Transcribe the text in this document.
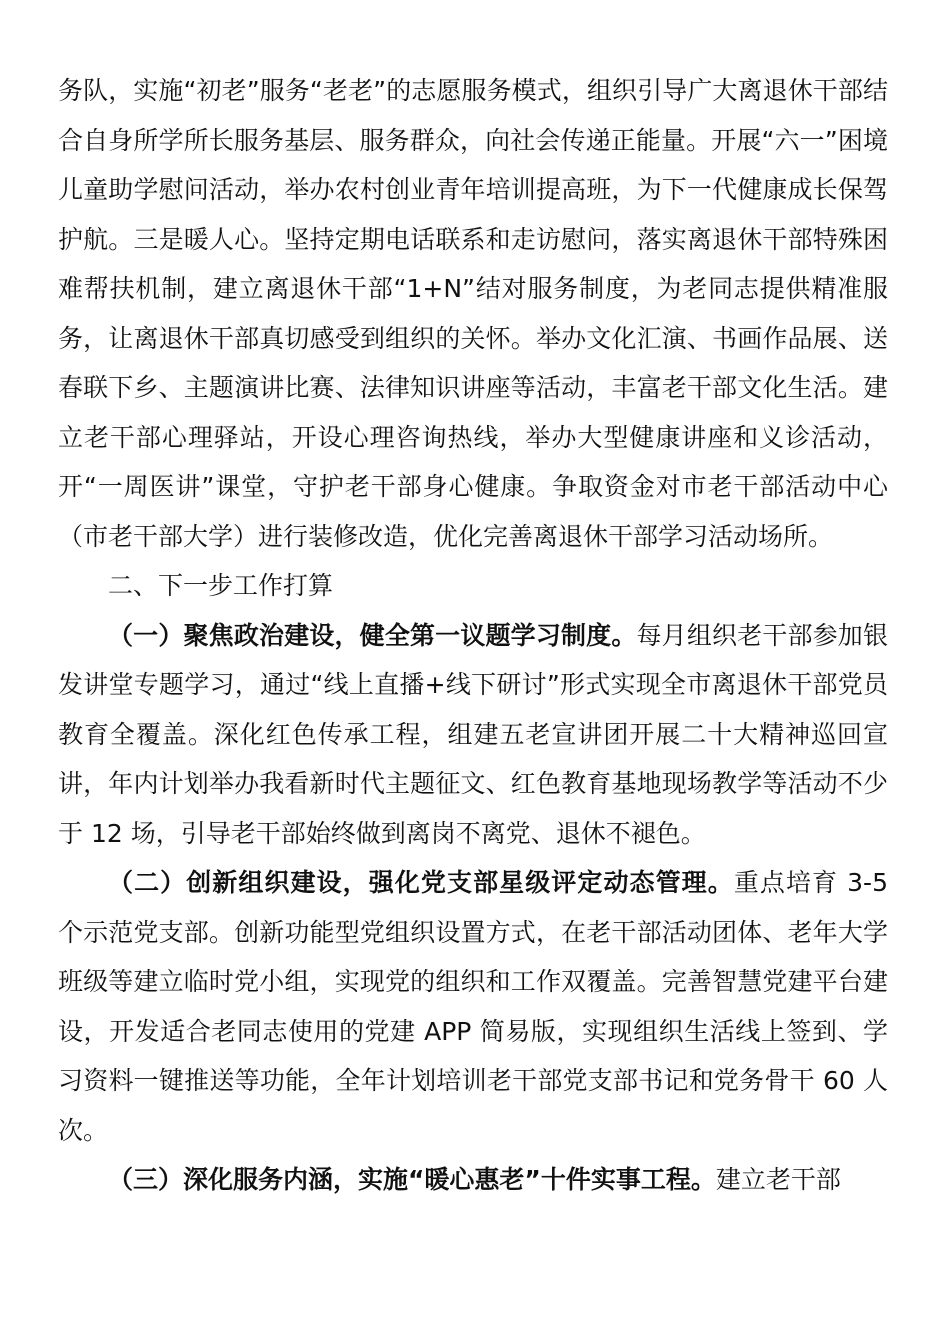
务队，实施“初老”服务“老老”的志愿服务模式，组织引导广大离退休干部结合自身所学所长服务基层、服务群众，向社会传递正能量。开展“六一”困境儿童助学慰问活动，举办农村创业青年培训提高班，为下一代健康成长保驾护航。三是暖人心。坚持定期电话联系和走访慰问，落实离退休干部特殊困难帮扶机制，建立离退休干部“1+N”结对服务制度，为老同志提供精准服务，让离退休干部真切感受到组织的关怀。举办文化汇演、书画作品展、送春联下乡、主题演讲比赛、法律知识讲座等活动，丰富老干部文化生活。建立老干部心理驿站，开设心理咨询热线，举办大型健康讲座和义诊活动，开“一周医讲”课堂，守护老干部身心健康。争取资金对市老干部活动中心（市老干部大学）进行装修改造，优化完善离退休干部学习活动场所。

二、下一步工作打算

（一）聚焦政治建设，健全第一议题学习制度。每月组织老干部参加银发讲堂专题学习，通过“线上直播+线下研讨”形式实现全市离退休干部党员教育全覆盖。深化红色传承工程，组建五老宣讲团开展二十大精神巡回宣讲，年内计划举办我看新时代主题征文、红色教育基地现场教学等活动不少于 12 场，引导老干部始终做到离岗不离党、退休不褪色。

（二）创新组织建设，强化党支部星级评定动态管理。重点培育 3-5 个示范党支部。创新功能型党组织设置方式，在老干部活动团体、老年大学班级等建立临时党小组，实现党的组织和工作双覆盖。完善智慧党建平台建设，开发适合老同志使用的党建 APP 简易版，实现组织生活线上签到、学习资料一键推送等功能，全年计划培训老干部党支部书记和党务骨干 60 人次。

（三）深化服务内涵，实施“暖心惠老”十件实事工程。建立老干部
